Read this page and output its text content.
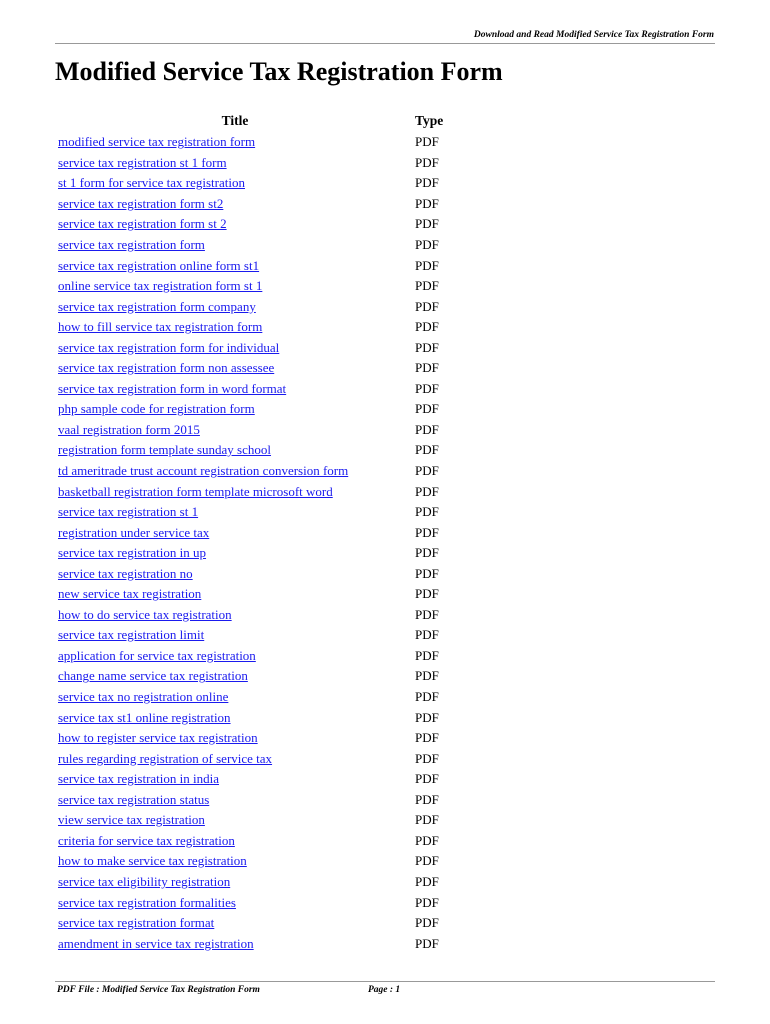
Download and Read Modified Service Tax Registration Form
Modified Service Tax Registration Form
Title	Type
modified service tax registration form	PDF
service tax registration st 1 form	PDF
st 1 form for service tax registration	PDF
service tax registration form st2	PDF
service tax registration form st 2	PDF
service tax registration form	PDF
service tax registration online form st1	PDF
online service tax registration form st 1	PDF
service tax registration form company	PDF
how to fill service tax registration form	PDF
service tax registration form for individual	PDF
service tax registration form non assessee	PDF
service tax registration form in word format	PDF
php sample code for registration form	PDF
vaal registration form 2015	PDF
registration form template sunday school	PDF
td ameritrade trust account registration conversion form	PDF
basketball registration form template microsoft word	PDF
service tax registration st 1	PDF
registration under service tax	PDF
service tax registration in up	PDF
service tax registration no	PDF
new service tax registration	PDF
how to do service tax registration	PDF
service tax registration limit	PDF
application for service tax registration	PDF
change name service tax registration	PDF
service tax no registration online	PDF
service tax st1 online registration	PDF
how to register service tax registration	PDF
rules regarding registration of service tax	PDF
service tax registration in india	PDF
service tax registration status	PDF
view service tax registration	PDF
criteria for service tax registration	PDF
how to make service tax registration	PDF
service tax eligibility registration	PDF
service tax registration formalities	PDF
service tax registration format	PDF
amendment in service tax registration	PDF
PDF File : Modified Service Tax Registration Form	Page : 1
